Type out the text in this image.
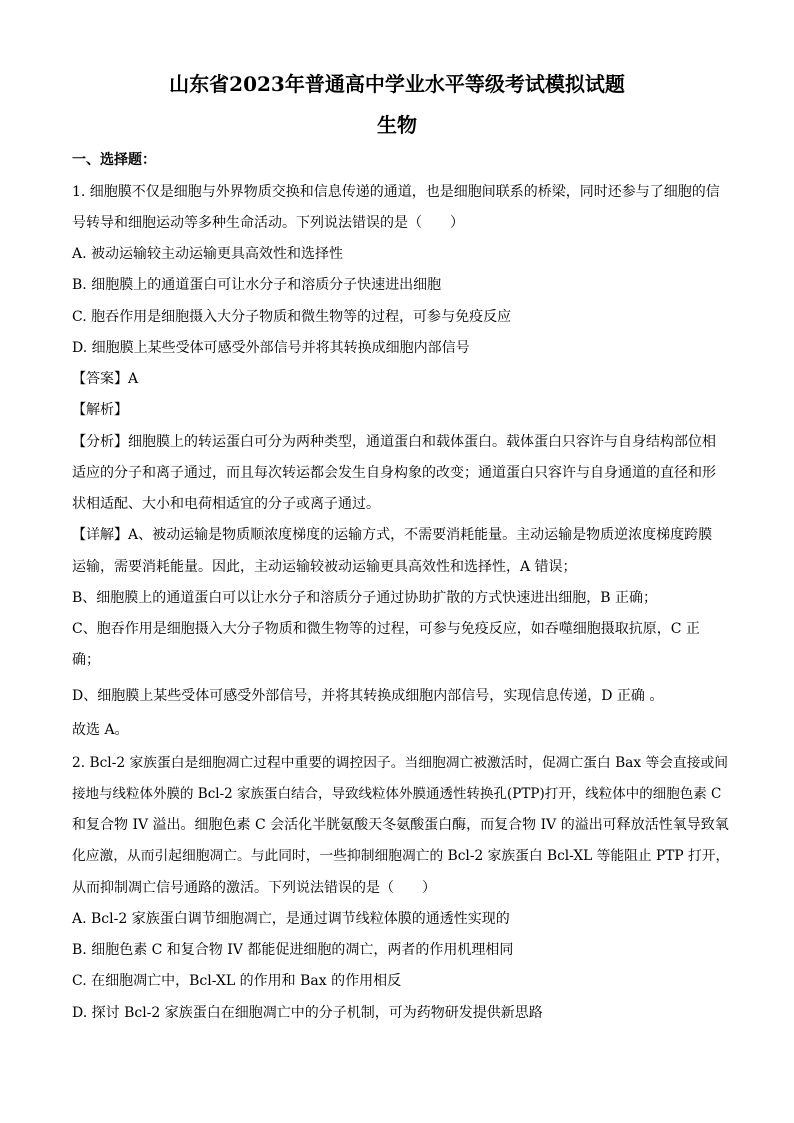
山东省2023年普通高中学业水平等级考试模拟试题
生物
一、选择题：
1. 细胞膜不仅是细胞与外界物质交换和信息传递的通道，也是细胞间联系的桥梁，同时还参与了细胞的信
号转导和细胞运动等多种生命活动。下列说法错误的是（　　）
A. 被动运输较主动运输更具高效性和选择性
B. 细胞膜上的通道蛋白可让水分子和溶质分子快速进出细胞
C. 胞吞作用是细胞摄入大分子物质和微生物等的过程，可参与免疫反应
D. 细胞膜上某些受体可感受外部信号并将其转换成细胞内部信号
【答案】A
【解析】
【分析】细胞膜上的转运蛋白可分为两种类型，通道蛋白和载体蛋白。载体蛋白只容许与自身结构部位相
适应的分子和离子通过，而且每次转运都会发生自身构象的改变；通道蛋白只容许与自身通道的直径和形
状相适配、大小和电荷相适宜的分子或离子通过。
【详解】A、被动运输是物质顺浓度梯度的运输方式，不需要消耗能量。主动运输是物质逆浓度梯度跨膜
运输，需要消耗能量。因此，主动运输较被动运输更具高效性和选择性，A 错误；
B、细胞膜上的通道蛋白可以让水分子和溶质分子通过协助扩散的方式快速进出细胞，B 正确；
C、胞吞作用是细胞摄入大分子物质和微生物等的过程，可参与免疫反应，如吞噬细胞摄取抗原，C 正
确；
D、细胞膜上某些受体可感受外部信号，并将其转换成细胞内部信号，实现信息传递，D 正确 。
故选 A。
2. Bcl-2 家族蛋白是细胞凋亡过程中重要的调控因子。当细胞凋亡被激活时，促凋亡蛋白 Bax 等会直接或间
接地与线粒体外膜的 Bcl-2 家族蛋白结合，导致线粒体外膜通透性转换孔(PTP)打开，线粒体中的细胞色素 C
和复合物 IV 溢出。细胞色素 C 会活化半胱氨酸天冬氨酸蛋白酶，而复合物 IV 的溢出可释放活性氧导致氧
化应激，从而引起细胞凋亡。与此同时，一些抑制细胞凋亡的 Bcl-2 家族蛋白 Bcl-XL 等能阻止 PTP 打开，
从而抑制凋亡信号通路的激活。下列说法错误的是（　　）
A. Bcl-2 家族蛋白调节细胞凋亡，是通过调节线粒体膜的通透性实现的
B. 细胞色素 C 和复合物 IV 都能促进细胞的凋亡，两者的作用机理相同
C. 在细胞凋亡中，Bcl-XL 的作用和 Bax 的作用相反
D. 探讨 Bcl-2 家族蛋白在细胞凋亡中的分子机制，可为药物研发提供新思路
